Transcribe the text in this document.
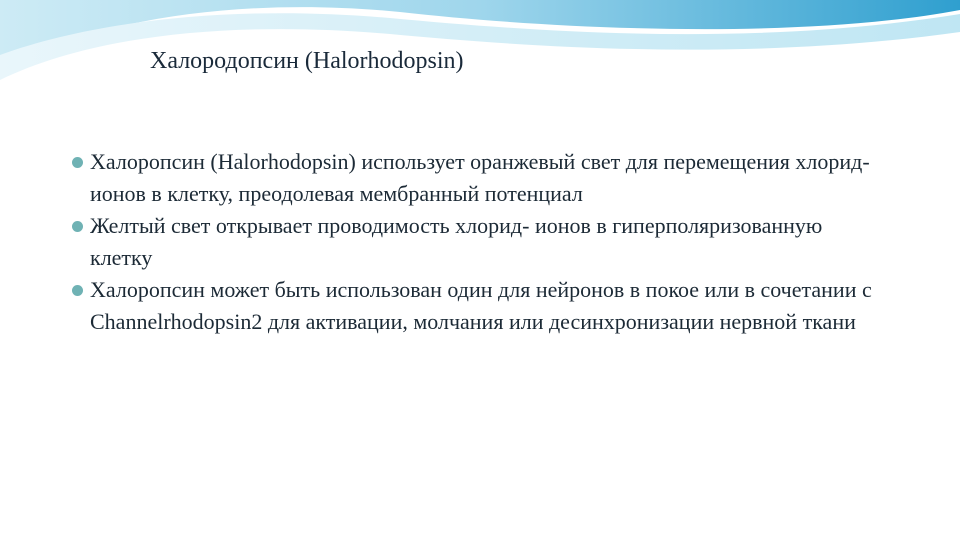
Халородопсин (Halorhodopsin)
Халоропсин (Halorhodopsin) использует оранжевый свет для перемещения хлорид- ионов в клетку, преодолевая мембранный потенциал
Желтый свет открывает проводимость хлорид- ионов в гиперполяризованную клетку
Халоропсин может быть использован один для нейронов в покое или в сочетании с Channelrhodopsin2 для активации, молчания или десинхронизации нервной ткани
